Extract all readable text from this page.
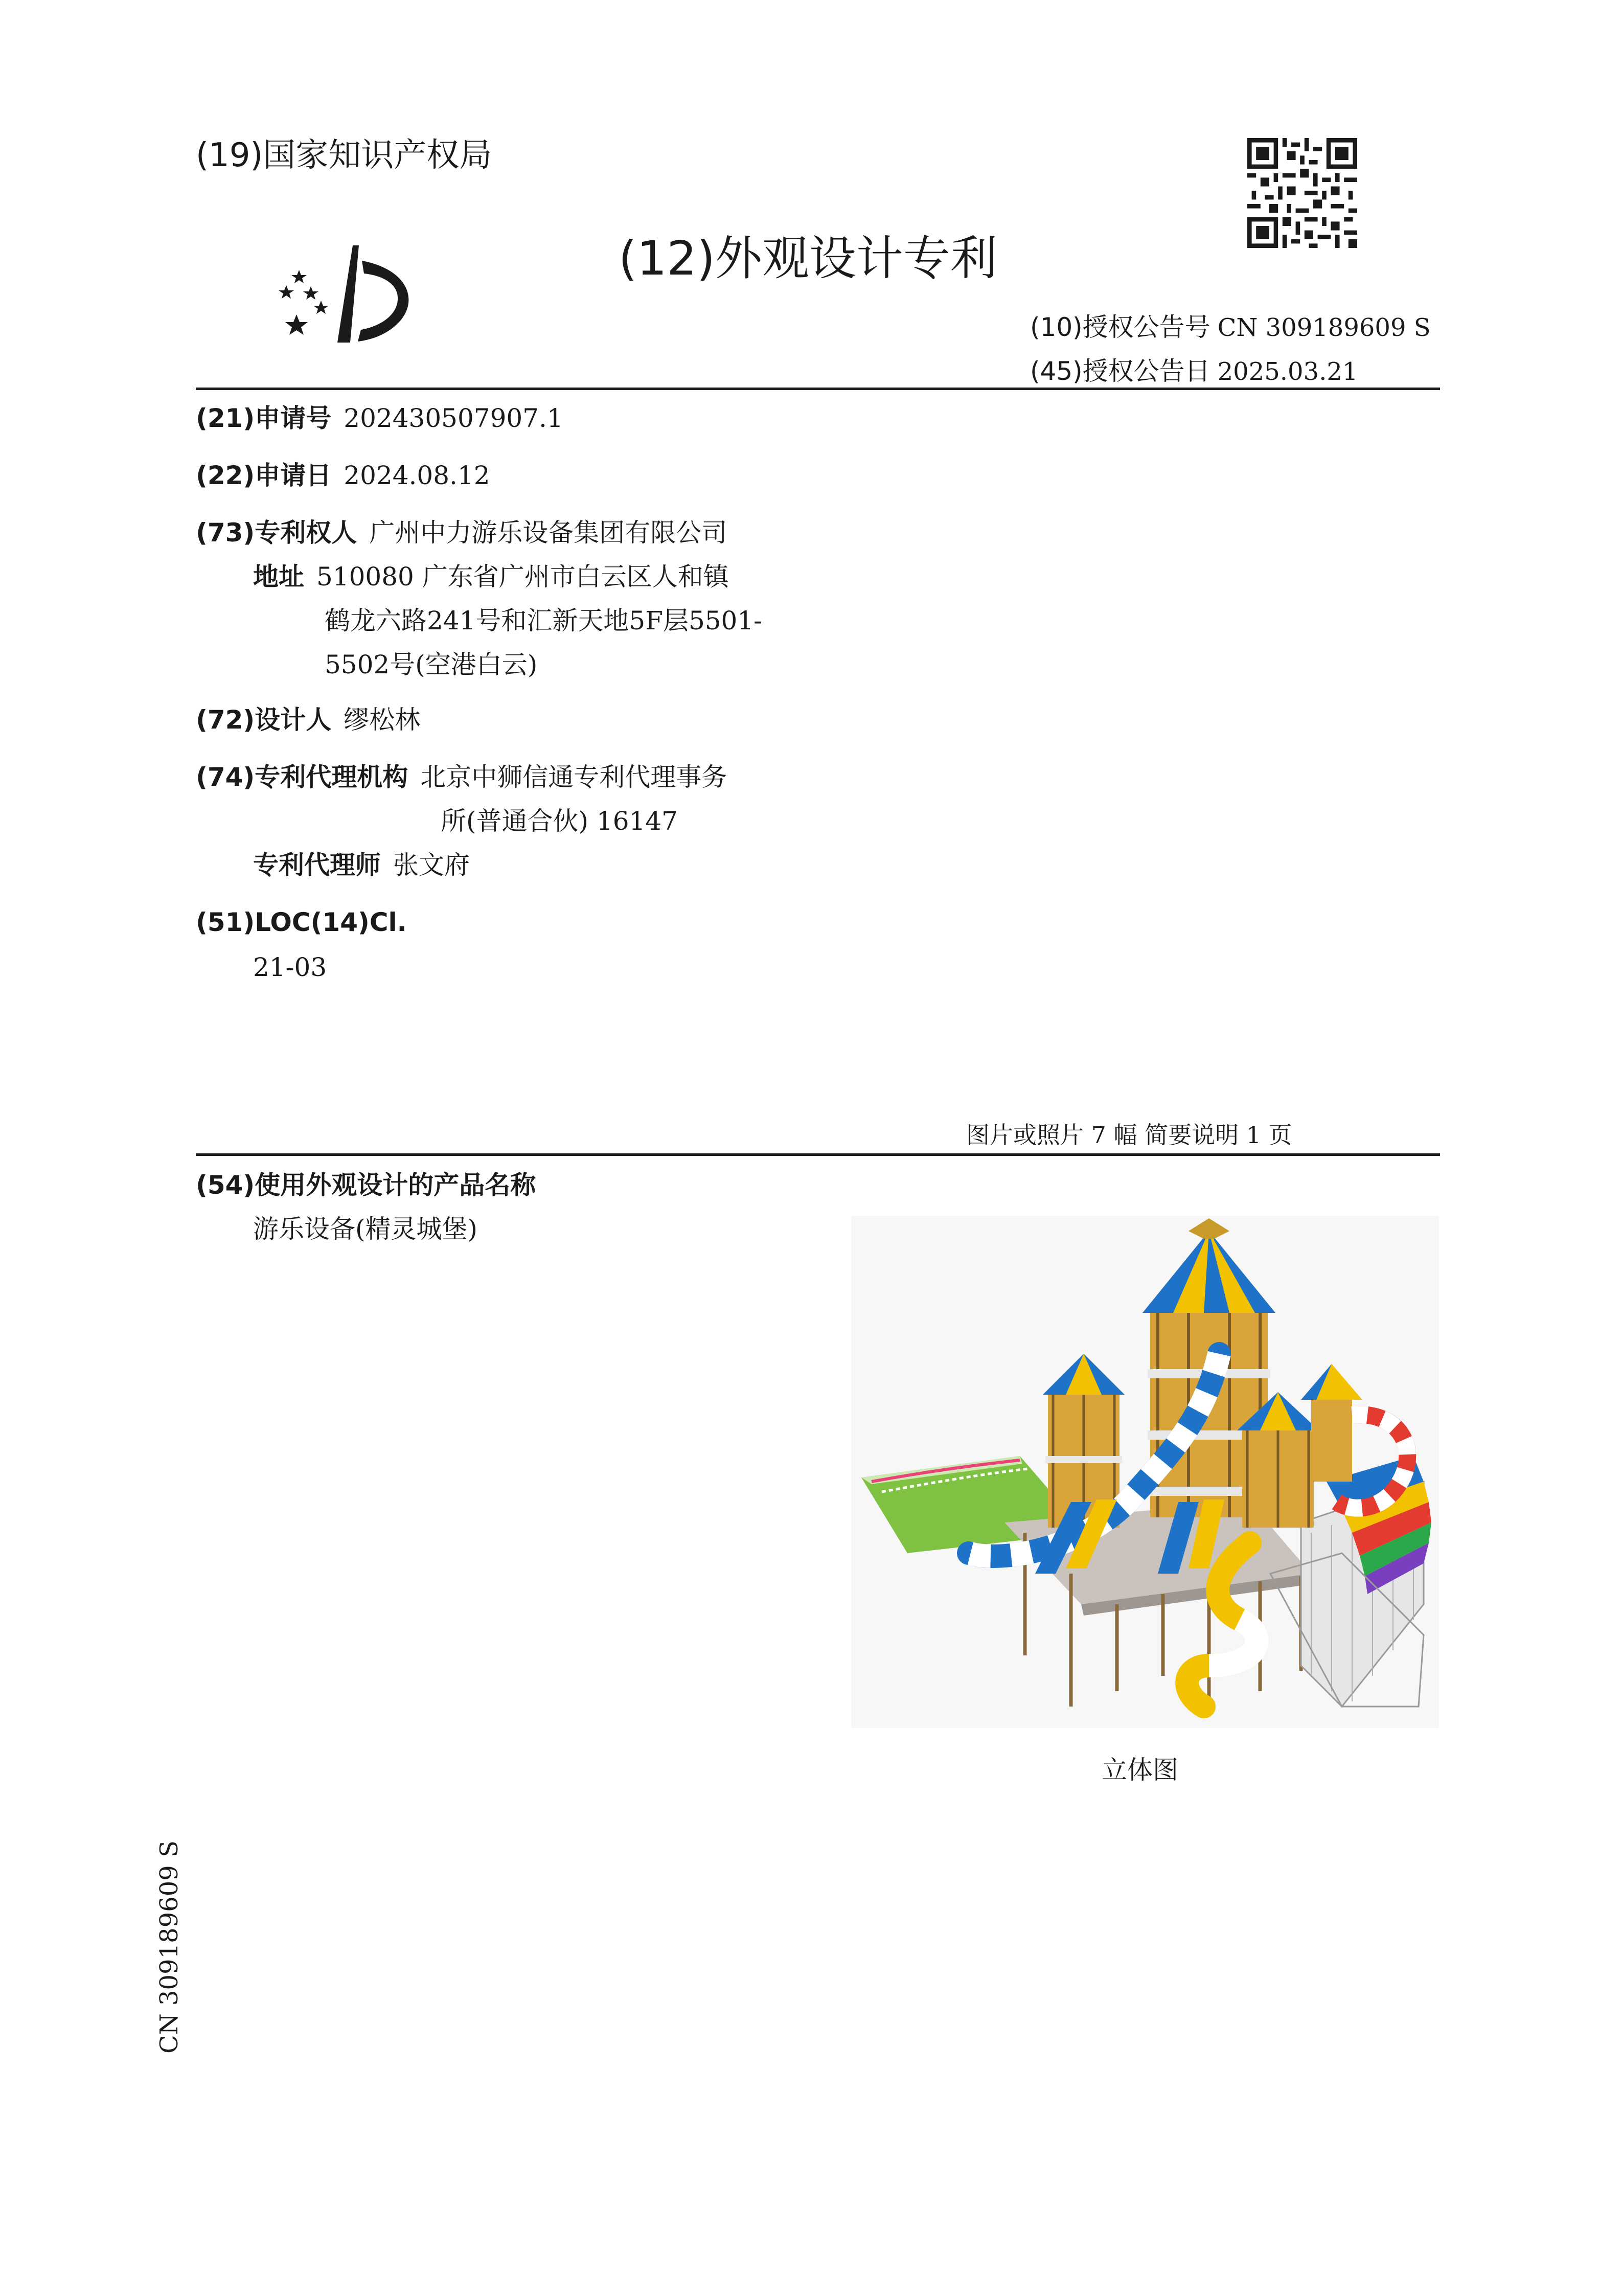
(19)国家知识产权局
(12)外观设计专利
(10)授权公告号 CN 309189609 S
(45)授权公告日 2025.03.21
(21)申请号 202430507907.1
(22)申请日 2024.08.12
(73)专利权人 广州中力游乐设备集团有限公司
地址 510080 广东省广州市白云区人和镇
鹤龙六路241号和汇新天地5F层5501-
5502号(空港白云)
(72)设计人 缪松林
(74)专利代理机构 北京中狮信通专利代理事务
所(普通合伙) 16147
专利代理师 张文府
(51)LOC(14)Cl.
21-03
图片或照片 7 幅 简要说明 1 页
(54)使用外观设计的产品名称
游乐设备(精灵城堡)
立体图
CN 309189609 S
